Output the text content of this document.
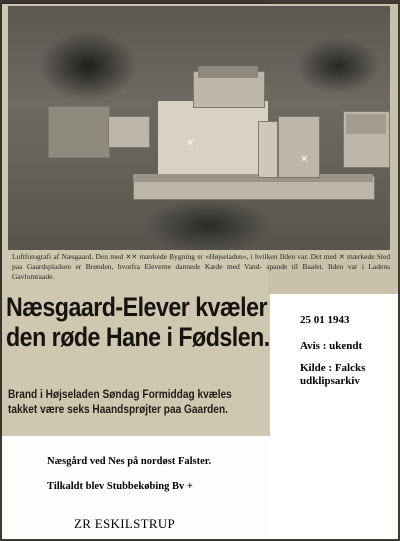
✕
✕
Luftfotografi af Næsgaard. Den med ✕✕ mærkede Bygning er »Højseladen«, i hvilken Ilden var. Det med ✕ mærkede Sted paa Gaardspladsen er Brønden, hvorfra Eleverne dannede Kæde med Vand- spande til Baalet. Ilden var i Ladens Gavlomraade.
Næsgaard-Elever kvæler
den røde Hane i Fødslen.
Brand i Højseladen Søndag Formiddag kvæles
takket være seks Haandsprøjter paa Gaarden.
25 01 1943
Avis : ukendt
Kilde : Falcks
udklipsarkiv
Næsgård ved Nes på nordøst Falster.
Tilkaldt blev Stubbekøbing Bv +
ZR ESKILSTRUP
